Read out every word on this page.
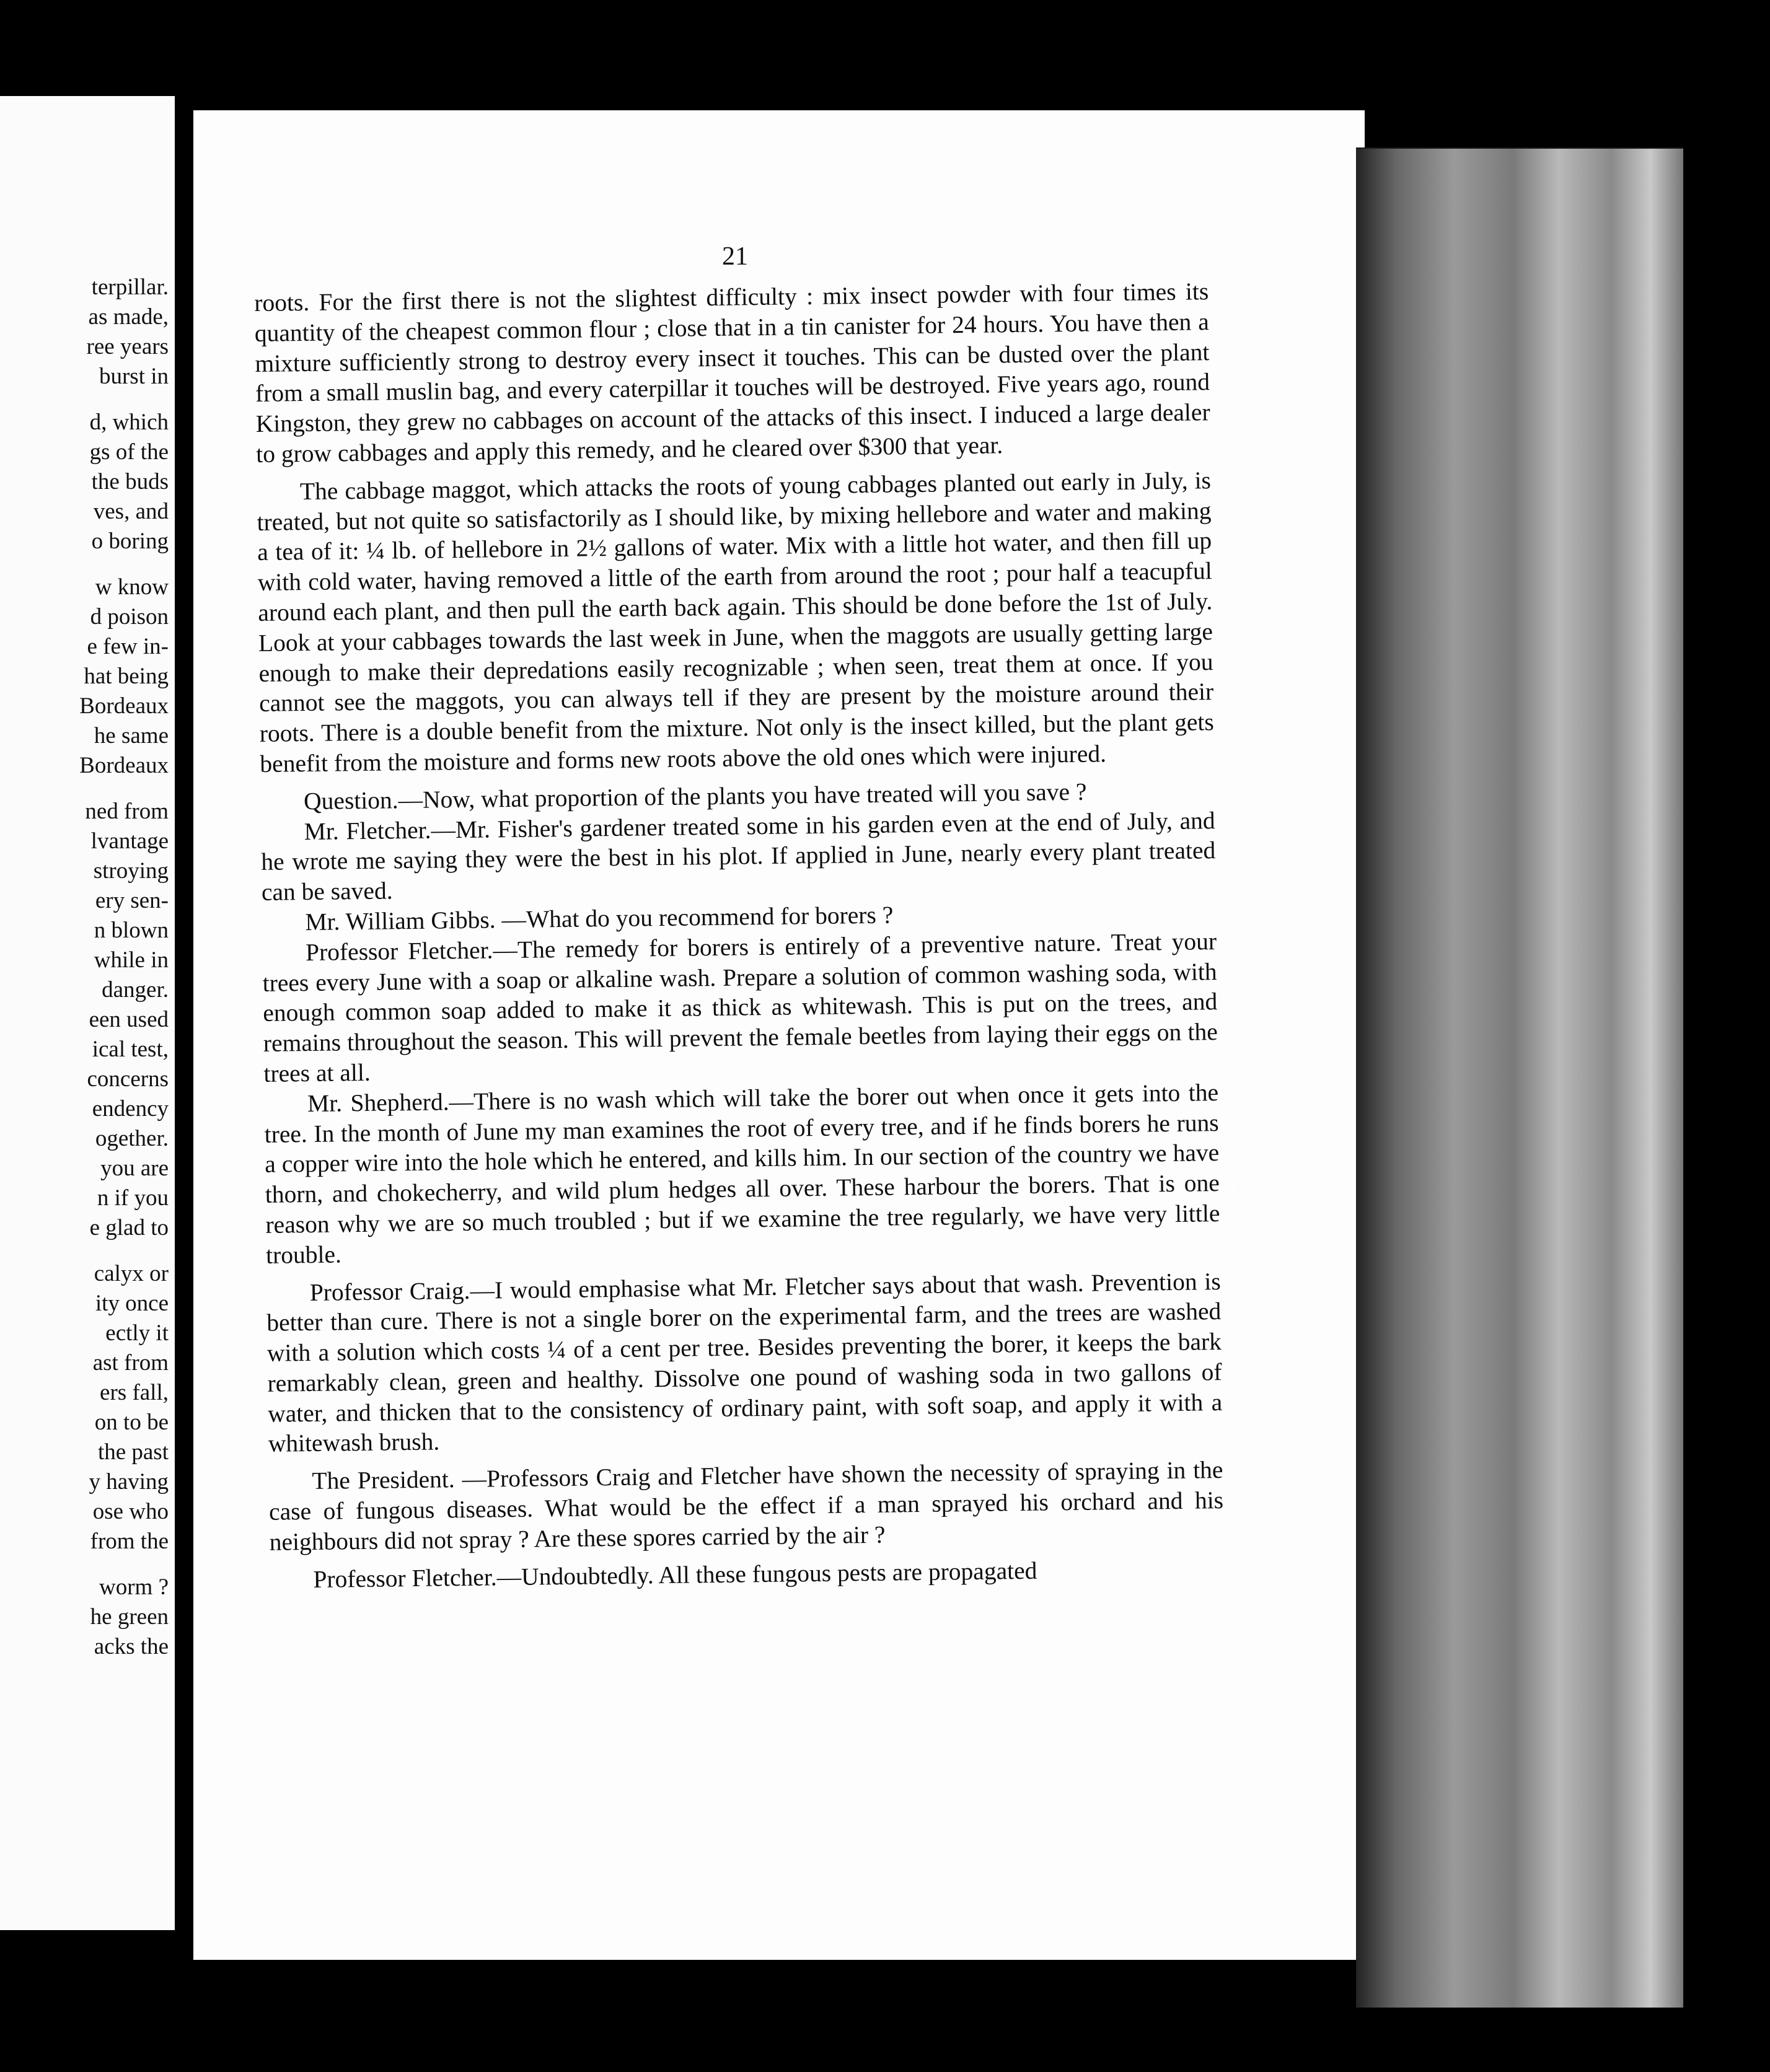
terpillar.
as made,
ree years
burst in
d, which
gs of the
the buds
ves, and
o boring
w know
d poison
e few in-
hat being
Bordeaux
he same
Bordeaux
ned from
lvantage
stroying
ery sen-
n blown
while in
danger.
een used
ical test,
concerns
endency
ogether.
you are
n if you
e glad to
calyx or
ity once
ectly it
ast from
ers fall,
on to be
the past
y having
ose who
from the
worm ?
he green
acks the
21

roots. For the first there is not the slightest difficulty : mix insect powder with four times its quantity of the cheapest common flour ; close that in a tin canister for 24 hours. You have then a mixture sufficiently strong to destroy every insect it touches. This can be dusted over the plant from a small muslin bag, and every caterpillar it touches will be destroyed. Five years ago, round Kingston, they grew no cabbages on account of the attacks of this insect. I induced a large dealer to grow cabbages and apply this remedy, and he cleared over $300 that year.

The cabbage maggot, which attacks the roots of young cabbages planted out early in July, is treated, but not quite so satisfactorily as I should like, by mixing hellebore and water and making a tea of it: ¼ lb. of hellebore in 2½ gallons of water. Mix with a little hot water, and then fill up with cold water, having removed a little of the earth from around the root ; pour half a teacupful around each plant, and then pull the earth back again. This should be done before the 1st of July. Look at your cabbages towards the last week in June, when the maggots are usually getting large enough to make their depredations easily recognizable ; when seen, treat them at once. If you cannot see the maggots, you can always tell if they are present by the moisture around their roots. There is a double benefit from the mixture. Not only is the insect killed, but the plant gets benefit from the moisture and forms new roots above the old ones which were injured.

Question.—Now, what proportion of the plants you have treated will you save ?

Mr. Fletcher.—Mr. Fisher's gardener treated some in his garden even at the end of July, and he wrote me saying they were the best in his plot. If applied in June, nearly every plant treated can be saved.

Mr. William Gibbs. —What do you recommend for borers ?

Professor Fletcher.—The remedy for borers is entirely of a preventive nature. Treat your trees every June with a soap or alkaline wash. Prepare a solution of common washing soda, with enough common soap added to make it as thick as whitewash. This is put on the trees, and remains throughout the season. This will prevent the female beetles from laying their eggs on the trees at all.

Mr. Shepherd.—There is no wash which will take the borer out when once it gets into the tree. In the month of June my man examines the root of every tree, and if he finds borers he runs a copper wire into the hole which he entered, and kills him. In our section of the country we have thorn, and chokecherry, and wild plum hedges all over. These harbour the borers. That is one reason why we are so much troubled ; but if we examine the tree regularly, we have very little trouble.

Professor Craig.—I would emphasise what Mr. Fletcher says about that wash. Prevention is better than cure. There is not a single borer on the experimental farm, and the trees are washed with a solution which costs ¼ of a cent per tree. Besides preventing the borer, it keeps the bark remarkably clean, green and healthy. Dissolve one pound of washing soda in two gallons of water, and thicken that to the consistency of ordinary paint, with soft soap, and apply it with a whitewash brush.

The President. —Professors Craig and Fletcher have shown the necessity of spraying in the case of fungous diseases. What would be the effect if a man sprayed his orchard and his neighbours did not spray ? Are these spores carried by the air ?

Professor Fletcher.—Undoubtedly. All these fungous pests are propagated
